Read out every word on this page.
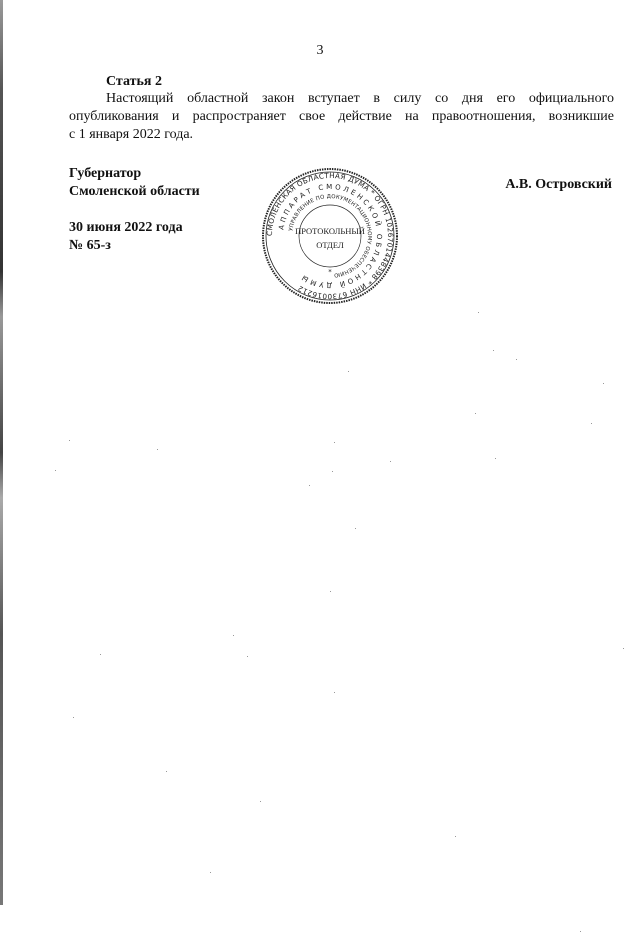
3
Статья 2
Настоящий областной закон вступает в силу со дня его официального
опубликования и распространяет свое действие на правоотношения, возникшие
с 1 января 2022 года.
Губернатор
Смоленской области
30 июня 2022 года
№ 65-з
А.В. Островский
СМОЛЕНСКАЯ ОБЛАСТНАЯ ДУМА * ОГРН 1026701448398 * ИНН 6730016212
АППАРАТ СМОЛЕНСКОЙ ОБЛАСТНОЙ ДУМЫ
УПРАВЛЕНИЕ ПО ДОКУМЕНТАЦИОННОМУ ОБЕСПЕЧЕНИЮ
ПРОТОКОЛЬНЫЙ
ОТДЕЛ
*
